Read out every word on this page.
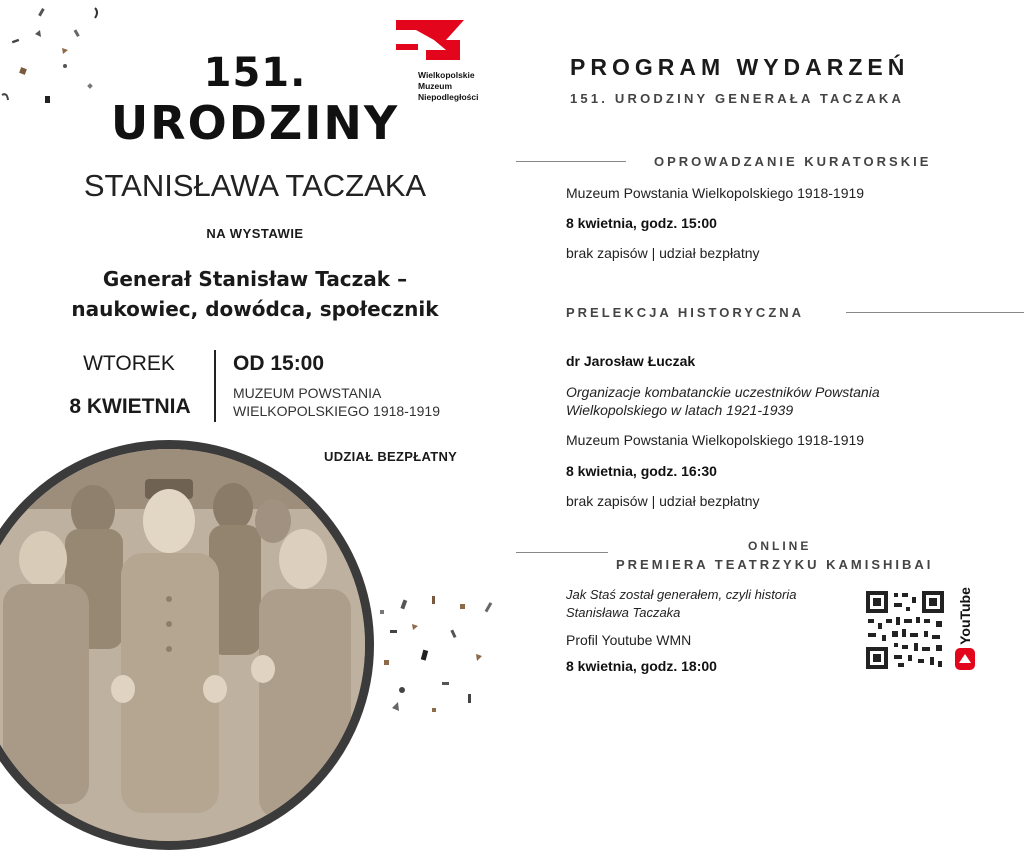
Wielkopolskie
Muzeum
Niepodległości
151.
URODZINY
STANISŁAWA TACZAKA
NA WYSTAWIE
Generał Stanisław Taczak –
naukowiec, dowódca, społecznik
WTOREK
8 KWIETNIA
OD 15:00
MUZEUM POWSTANIA
WIELKOPOLSKIEGO 1918-1919
UDZIAŁ BEZPŁATNY
PROGRAM WYDARZEŃ
151. URODZINY GENERAŁA TACZAKA
OPROWADZANIE KURATORSKIE
Muzeum Powstania Wielkopolskiego 1918-1919
8 kwietnia, godz. 15:00
brak zapisów | udział bezpłatny
PRELEKCJA HISTORYCZNA
dr Jarosław Łuczak
Organizacje kombatanckie uczestników Powstania
Wielkopolskiego w latach 1921-1939
Muzeum Powstania Wielkopolskiego 1918-1919
8 kwietnia, godz. 16:30
brak zapisów | udział bezpłatny
ONLINE
PREMIERA TEATRZYKU KAMISHIBAI
Jak Staś został generałem, czyli historia
Stanisława Taczaka
Profil Youtube WMN
8 kwietnia, godz. 18:00
YouTube
